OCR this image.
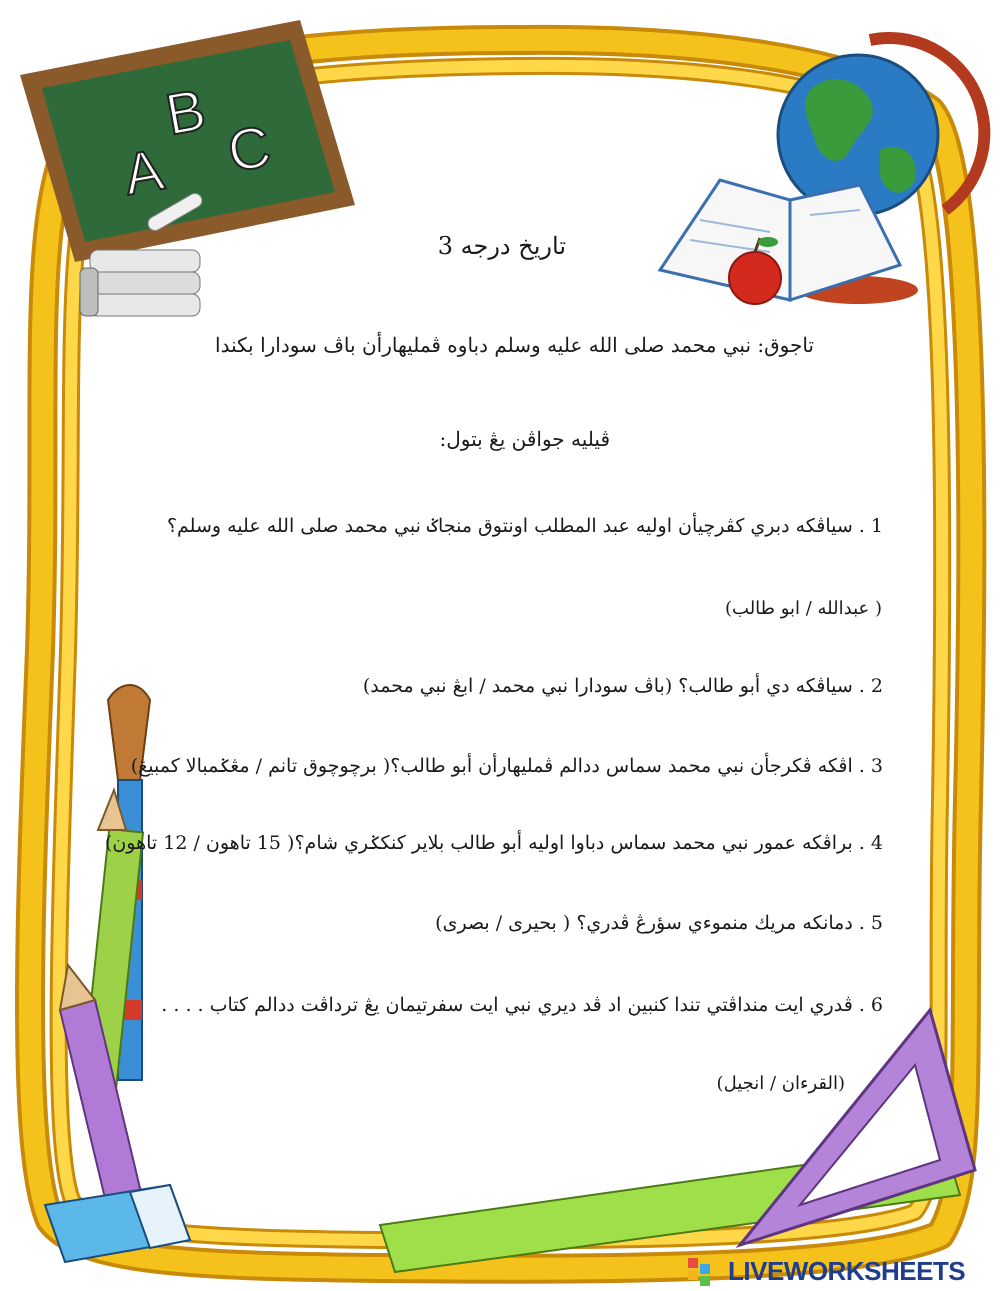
A
B
C
تاريخ درجه 3
تاجوق: نبي محمد صلى الله عليه وسلم دباوه ڤمليهارأن باڤ سودارا بكندا
ڤيليه جواڤن يڠ بتول:
1 . سياڤكه دبري كڤرچيأن اوليه عبد المطلب اونتوق منجاݢ نبي محمد صلى الله عليه وسلم؟
( عبدالله / ابو طالب)
2 . سياڤكه دي أبو طالب؟ (باڤ سودارا نبي محمد / ابڠ نبي محمد)
3 . اڤكه ڤكرجأن نبي محمد سماس ددالم ڤمليهارأن أبو طالب؟( برچوچوق تانم / مڠݢمبالا كمبيڠ)
4 . براڤكه عمور نبي محمد سماس دباوا اوليه أبو طالب بلاير كنكݢري شام؟( 15 تاهون / 12 تاهون)
5 . دمانكه مريك منموءي سؤرڠ ڤدري؟ ( بحيرى / بصرى)
6 . ڤدري ايت منداڤتي تندا كنبين اد ڤد ديري نبي ايت سفرتيمان يڠ ترداڤت ددالم كتاب . . . .
(القرءان / انجيل)
LIVEWORKSHEETS
